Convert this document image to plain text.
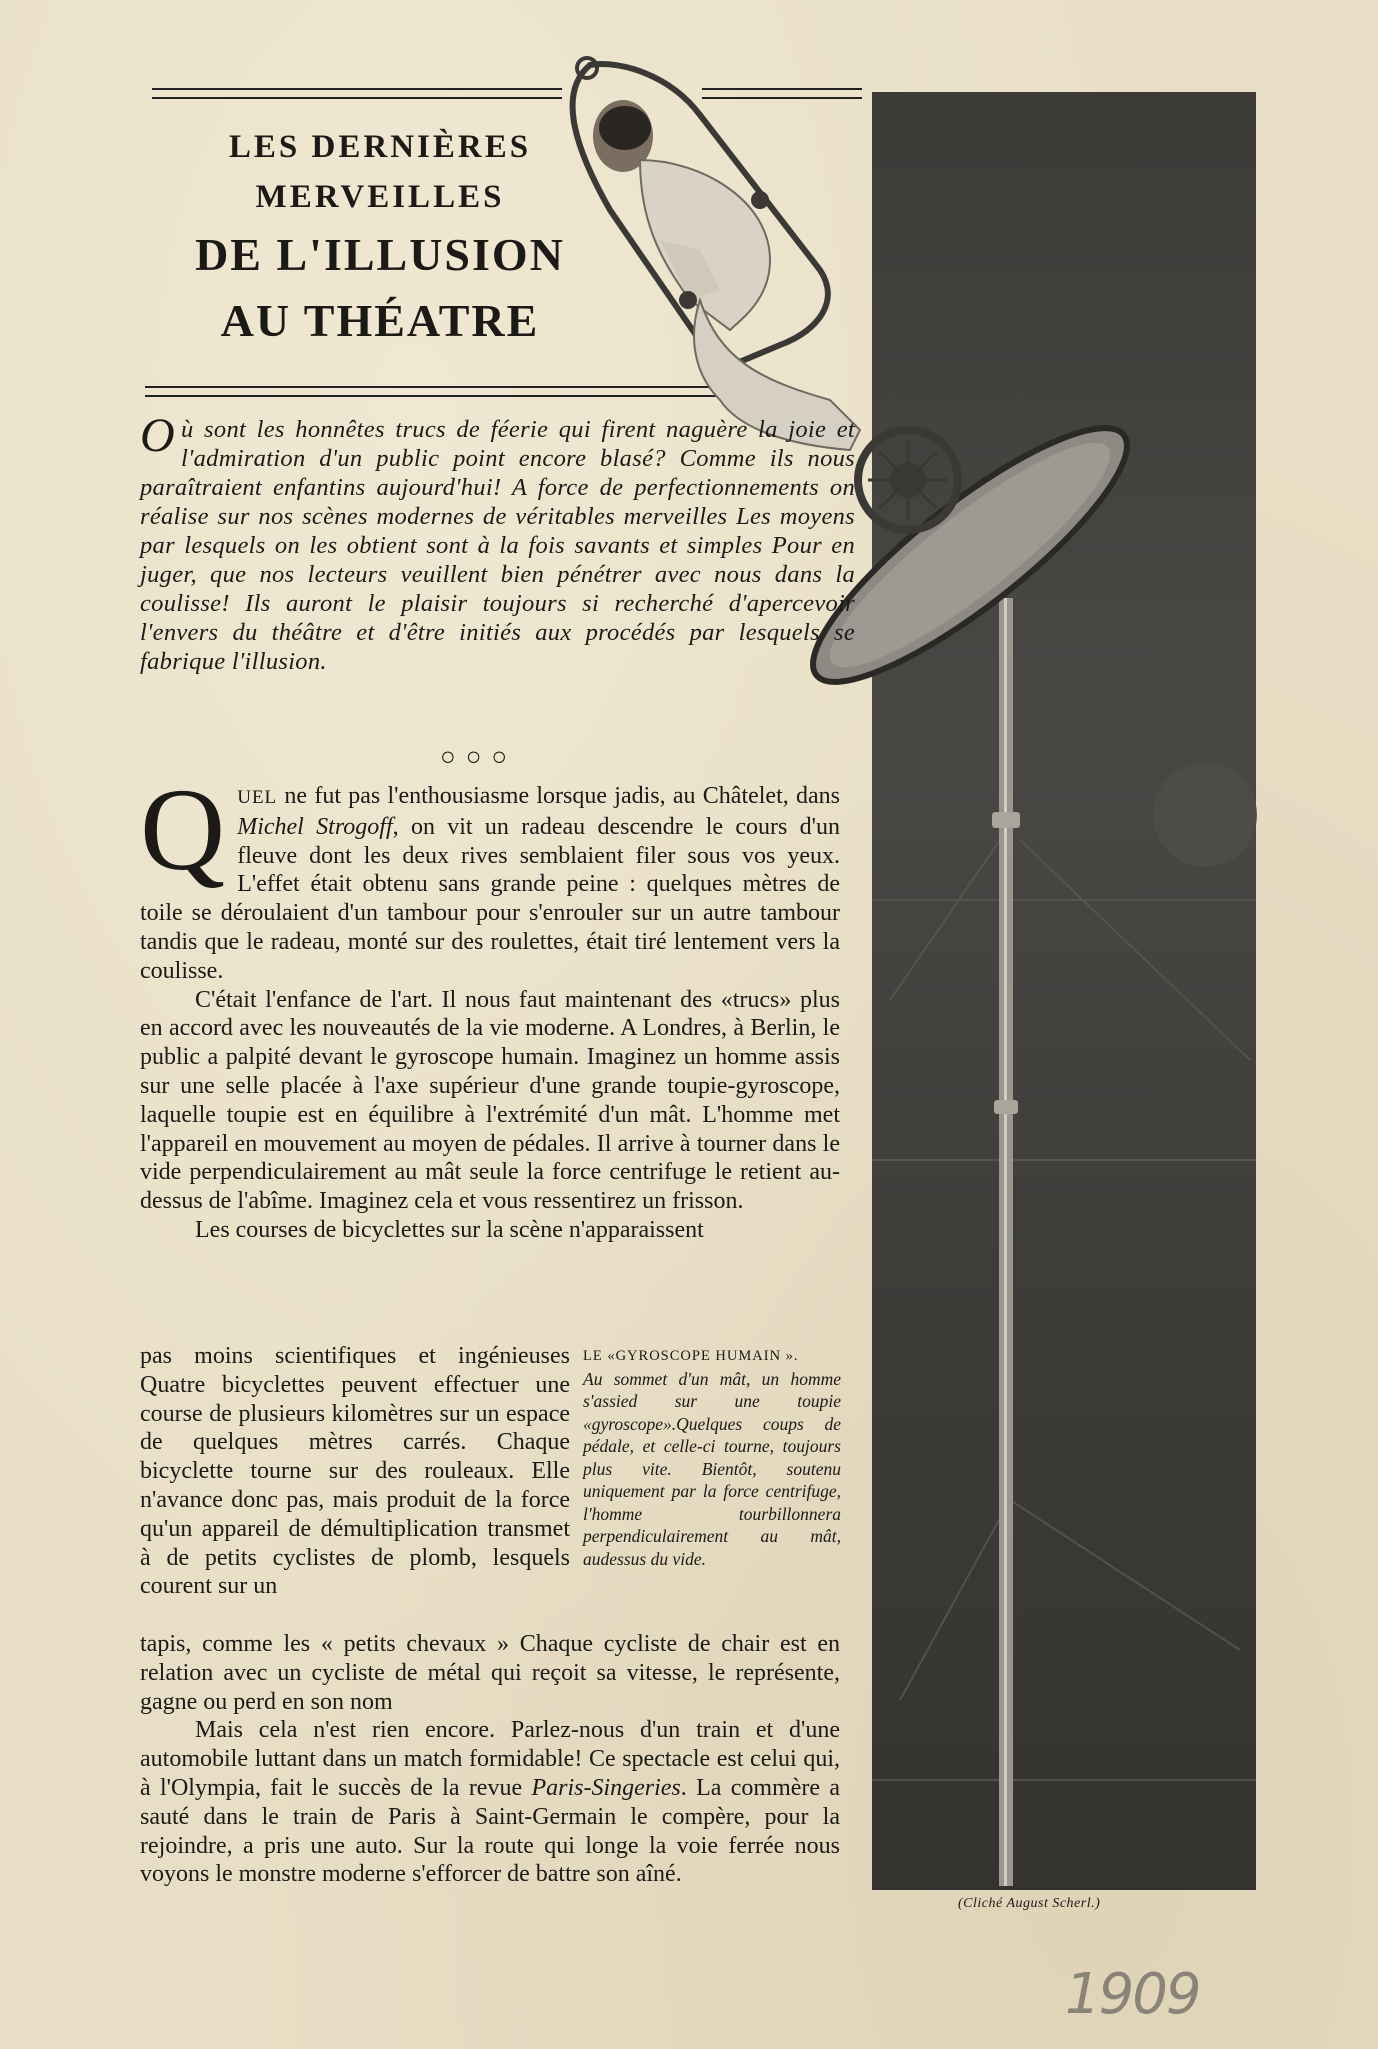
LES DERNIÈRES
MERVEILLES
DE L'ILLUSION
AU THÉATRE
Où sont les honnêtes trucs de féerie qui firent naguère la joie et l'admiration d'un public point encore blasé? Comme ils nous paraîtraient enfantins aujourd'hui! A force de perfectionnements on réalise sur nos scènes modernes de véritables merveilles Les moyens par lesquels on les obtient sont à la fois savants et simples Pour en juger, que nos lecteurs veuillent bien pénétrer avec nous dans la coulisse! Ils auront le plaisir toujours si recherché d'apercevoir l'envers du théâtre et d'être initiés aux procédés par lesquels se fabrique l'illusion.
○○○

QUEL ne fut pas l'enthousiasme lorsque jadis, au Châtelet, dans Michel Strogoff, on vit un radeau descendre le cours d'un fleuve dont les deux rives semblaient filer sous vos yeux. L'effet était obtenu sans grande peine : quelques mètres de toile se déroulaient d'un tambour pour s'enrouler sur un autre tambour tandis que le radeau, monté sur des roulettes, était tiré lentement vers la coulisse.

C'était l'enfance de l'art. Il nous faut maintenant des «trucs» plus en accord avec les nouveautés de la vie moderne. A Londres, à Berlin, le public a palpité devant le gyroscope humain. Imaginez un homme assis sur une selle placée à l'axe supérieur d'une grande toupie-gyroscope, laquelle toupie est en équilibre à l'extrémité d'un mât. L'homme met l'appareil en mouvement au moyen de pédales. Il arrive à tourner dans le vide perpendiculairement au mât seule la force centrifuge le retient au-dessus de l'abîme. Imaginez cela et vous ressentirez un frisson.

Les courses de bicyclettes sur la scène n'apparaissent

pas moins scientifiques et ingénieuses Quatre bicyclettes peuvent effectuer une course de plusieurs kilomètres sur un espace de quelques mètres carrés. Chaque bicyclette tourne sur des rouleaux. Elle n'avance donc pas, mais produit de la force qu'un appareil de démultiplication transmet à de petits cyclistes de plomb, lesquels courent sur un
LE «GYROSCOPE HUMAIN ».
Au sommet d'un mât, un homme s'assied sur une toupie «gyroscope».Quelques coups de pédale, et celle-ci tourne, toujours plus vite. Bientôt, soutenu uniquement par la force centrifuge, l'homme tourbillonnera perpendiculairement au mât, audessus du vide.

tapis, comme les « petits chevaux » Chaque cycliste de chair est en relation avec un cycliste de métal qui reçoit sa vitesse, le représente, gagne ou perd en son nom

Mais cela n'est rien encore. Parlez-nous d'un train et d'une automobile luttant dans un match formidable! Ce spectacle est celui qui, à l'Olympia, fait le succès de la revue Paris-Singeries. La commère a sauté dans le train de Paris à Saint-Germain le compère, pour la rejoindre, a pris une auto. Sur la route qui longe la voie ferrée nous voyons le monstre moderne s'efforcer de battre son aîné.

(Cliché August Scherl.)
1909
